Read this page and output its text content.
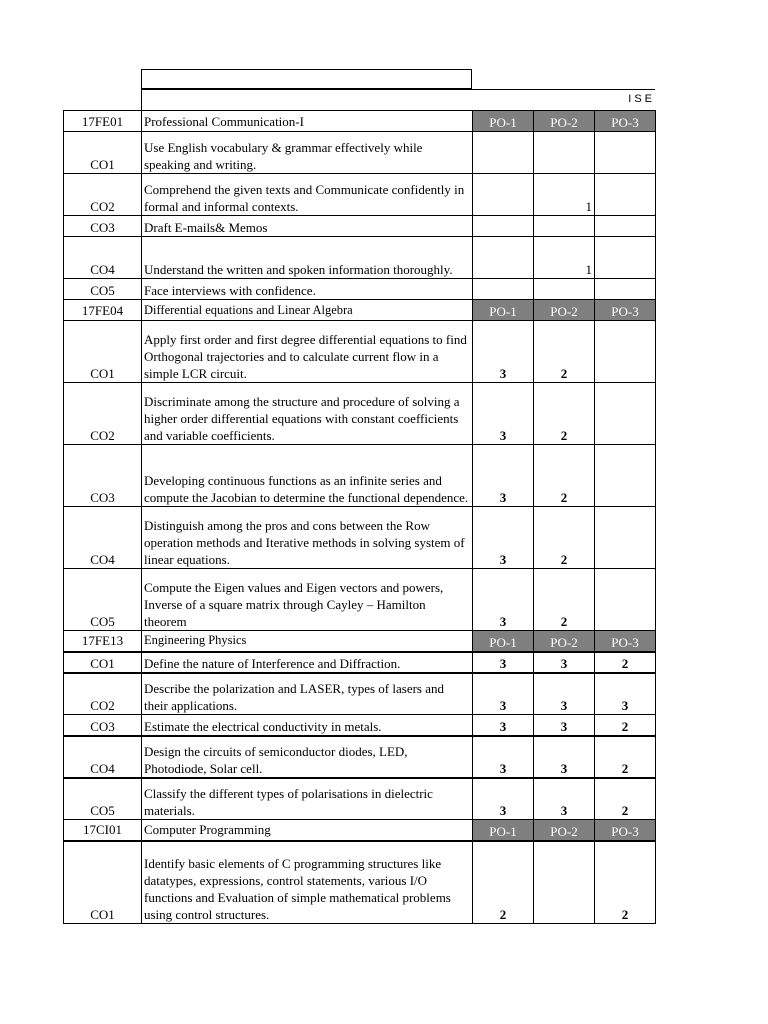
ISE
17FE01	Professional Communication-I	PO-1	PO-2	PO-3
CO1	Use English vocabulary & grammar effectively while speaking and writing.			
CO2	Comprehend the given texts and Communicate confidently in formal and informal contexts.		1	
CO3	Draft E-mails& Memos			
CO4	Understand the written and spoken information thoroughly.		1	
CO5	Face interviews with confidence.			
17FE04	Differential equations and Linear Algebra	PO-1	PO-2	PO-3
CO1	Apply first order and first degree differential equations to find Orthogonal trajectories and to calculate current flow in a simple LCR circuit.	3	2	
CO2	Discriminate among the structure and procedure of solving a higher order differential equations with constant coefficients and variable coefficients.	3	2	
CO3	Developing continuous functions as an infinite series and compute the Jacobian to determine the functional dependence.	3	2	
CO4	Distinguish among the pros and cons between the Row operation methods and Iterative methods in solving system of linear equations.	3	2	
CO5	Compute the Eigen values and Eigen vectors and powers, Inverse of a square matrix through Cayley – Hamilton theorem	3	2	
17FE13	Engineering Physics	PO-1	PO-2	PO-3
CO1	Define the nature of Interference and Diffraction.	3	3	2
CO2	Describe the polarization and LASER, types of lasers and their applications.	3	3	3
CO3	Estimate the electrical conductivity in metals.	3	3	2
CO4	Design the circuits of semiconductor diodes, LED, Photodiode, Solar cell.	3	3	2
CO5	Classify the different types of polarisations in dielectric materials.	3	3	2
17CI01	Computer Programming	PO-1	PO-2	PO-3
CO1	Identify basic elements of C programming structures like datatypes, expressions, control statements, various I/O functions and Evaluation of simple mathematical problems using control structures.	2		2
